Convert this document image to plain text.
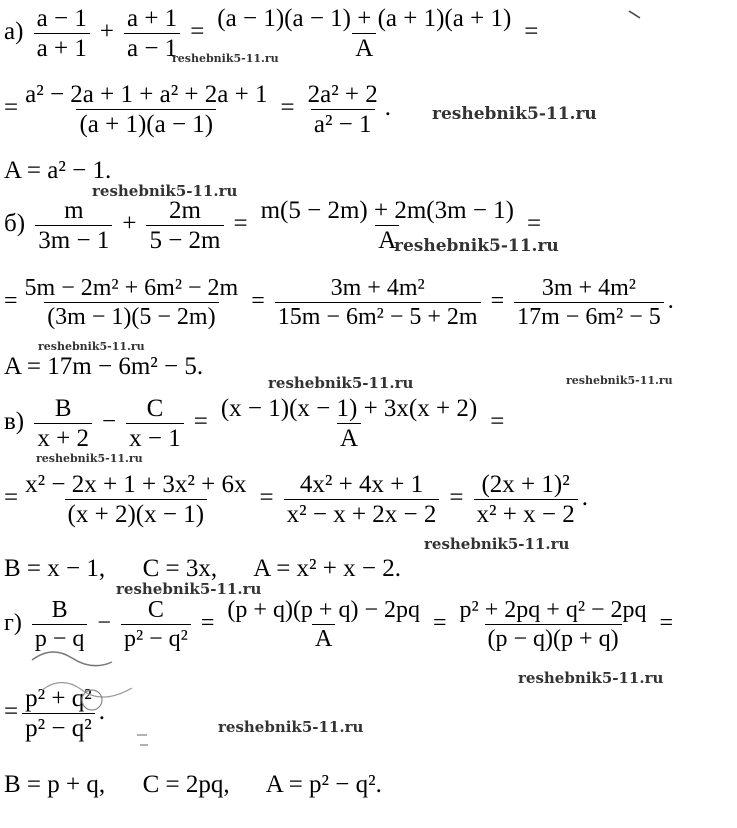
$а) \frac{a - 1}{a + 1} + \frac{a + 1}{a - 1} = \frac{(a - 1)(a - 1) + (a + 1)(a + 1)}{A}$ =
= $\frac{\text{a² − 2a + 1 + a² + 2a + 1}}{(a + 1)(a - 1)} = \frac{\text{2a² + 2}}{\text{a² − 1}}$ .
A = a² − 1.
$б) \frac{m}{3m - 1} + \frac{2m}{5 - 2m} = \frac{m(5 - 2m) + 2m(3m - 1)}{A}$ =
= $\frac{\text{5m − 2m² + 6m² − 2m}}{(3m - 1)(5 - 2m)} = \frac{\text{3m + 4m²}}{\text{15m − 6m² − 5 + 2m}} = \frac{\text{3m + 4m²}}{\text{17m − 6m² − 5}}$ .
A = 17m − 6m² − 5.
$в) \frac{B}{x + 2} - \frac{C}{x - 1} = \frac{(x - 1)(x - 1) + 3x(x + 2)}{A}$ =
= $\frac{\text{x² − 2x + 1 + 3x² + 6x}}{(x + 2)(x - 1)} = \frac{\text{4x² + 4x + 1}}{\text{x² − x + 2x − 2}} = \frac{\text{(2x + 1)²}}{\text{x² + x − 2}}$ .
B = x − 1,      C = 3x,      A = x² + x − 2.
$г) \frac{B}{p - q} - \frac{C}{\text{p² − q²}} = \frac{(p + q)(p + q) - 2pq}{A} = \frac{\text{p² + 2pq + q² − 2pq}}{(p - q)(p + q)}$ =
= $\frac{\text{p² + q²}}{\text{p² − q²}}$ .
B = p + q,      C = 2pq,      A = p² − q².
reshebnik5-11.ru
reshebnik5-11.ru
reshebnik5-11.ru
reshebnik5-11.ru
reshebnik5-11.ru
reshebnik5-11.ru	reshebnik5-11.ru
reshebnik5-11.ru
reshebnik5-11.ru
reshebnik5-11.ru
reshebnik5-11.ru
reshebnik5-11.ru
